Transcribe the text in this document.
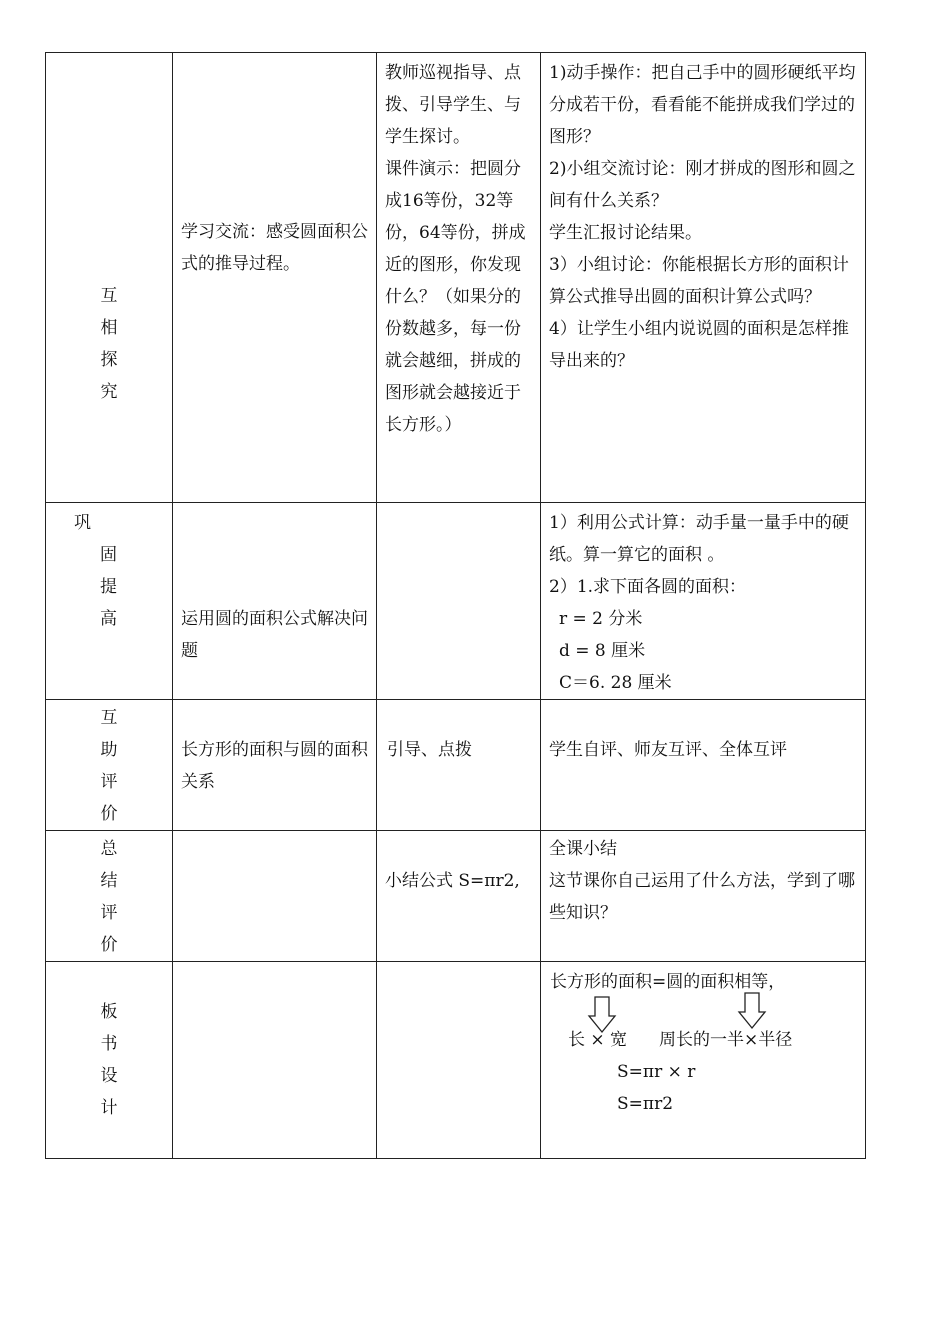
互
相
探
究	学习交流：感受圆面积公式的推导过程。	教师巡视指导、点拨、引导学生、与学生探讨。
课件演示：把圆分成16等份，32等份，64等份，拼成近的图形，你发现什么？（如果分的份数越多，每一份就会越细，拼成的图形就会越接近于长方形。）	1)动手操作：把自己手中的圆形硬纸平均分成若干份，看看能不能拼成我们学过的图形？
2)小组交流讨论：刚才拼成的图形和圆之间有什么关系？
学生汇报讨论结果。
3）小组讨论：你能根据长方形的面积计算公式推导出圆的面积计算公式吗？
4）让学生小组内说说圆的面积是怎样推导出来的？

巩
固
提
高	运用圆的面积公式解决问题		1）利用公式计算：动手量一量手中的硬纸。算一算它的面积 。
2）1.求下面各圆的面积：
r = 2 分米
d = 8 厘米
C＝6. 28 厘米

互
助
评
价	长方形的面积与圆的面积关系	引导、点拨	学生自评、师友互评、全体互评

总
结
评
价		小结公式 S=πr2,	全课小结
这节课你自己运用了什么方法，学到了哪些知识？

板
书
设
计			长方形的面积=圆的面积相等，
长 × 宽 周长的一半×半径
S=πr × r
S=πr2
